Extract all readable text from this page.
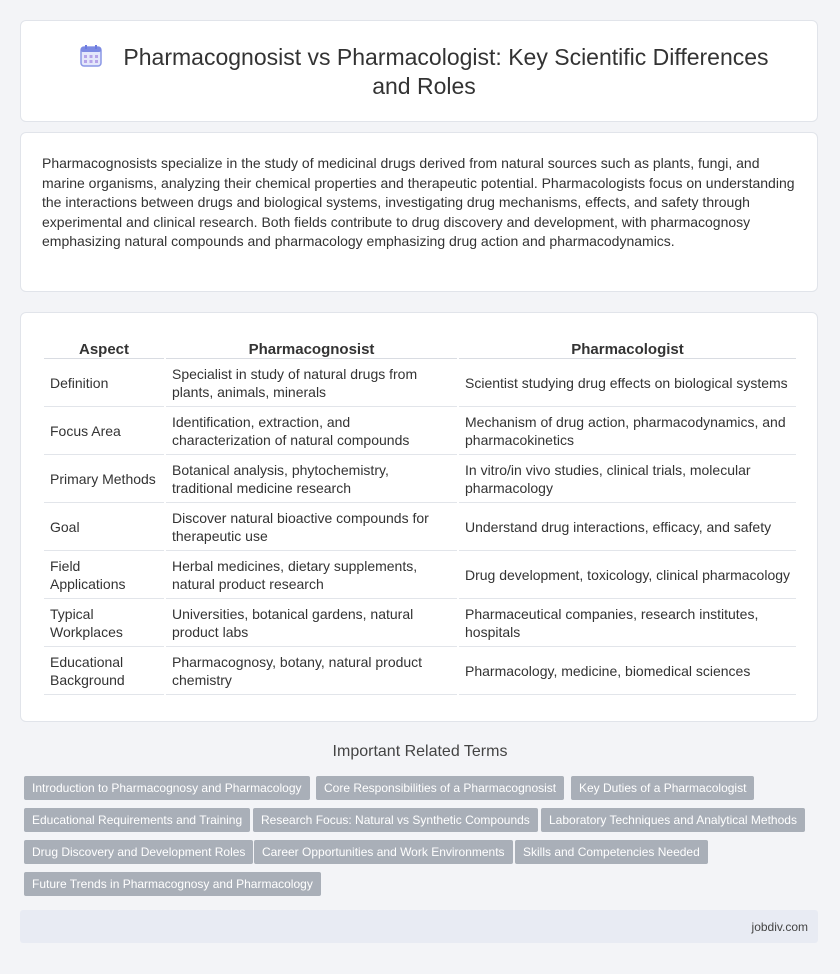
Pharmacognosist vs Pharmacologist: Key Scientific Differences and Roles
Pharmacognosists specialize in the study of medicinal drugs derived from natural sources such as plants, fungi, and marine organisms, analyzing their chemical properties and therapeutic potential. Pharmacologists focus on understanding the interactions between drugs and biological systems, investigating drug mechanisms, effects, and safety through experimental and clinical research. Both fields contribute to drug discovery and development, with pharmacognosy emphasizing natural compounds and pharmacology emphasizing drug action and pharmacodynamics.
Aspect	Pharmacognosist	Pharmacologist
Definition	Specialist in study of natural drugs from plants, animals, minerals	Scientist studying drug effects on biological systems
Focus Area	Identification, extraction, and characterization of natural compounds	Mechanism of drug action, pharmacodynamics, and pharmacokinetics
Primary Methods	Botanical analysis, phytochemistry, traditional medicine research	In vitro/in vivo studies, clinical trials, molecular pharmacology
Goal	Discover natural bioactive compounds for therapeutic use	Understand drug interactions, efficacy, and safety
Field Applications	Herbal medicines, dietary supplements, natural product research	Drug development, toxicology, clinical pharmacology
Typical Workplaces	Universities, botanical gardens, natural product labs	Pharmaceutical companies, research institutes, hospitals
Educational Background	Pharmacognosy, botany, natural product chemistry	Pharmacology, medicine, biomedical sciences
Important Related Terms
Introduction to Pharmacognosy and Pharmacology	Core Responsibilities of a Pharmacognosist	Key Duties of a Pharmacologist
Educational Requirements and Training	Research Focus: Natural vs Synthetic Compounds	Laboratory Techniques and Analytical Methods
Drug Discovery and Development Roles	Career Opportunities and Work Environments	Skills and Competencies Needed
Future Trends in Pharmacognosy and Pharmacology
jobdiv.com
